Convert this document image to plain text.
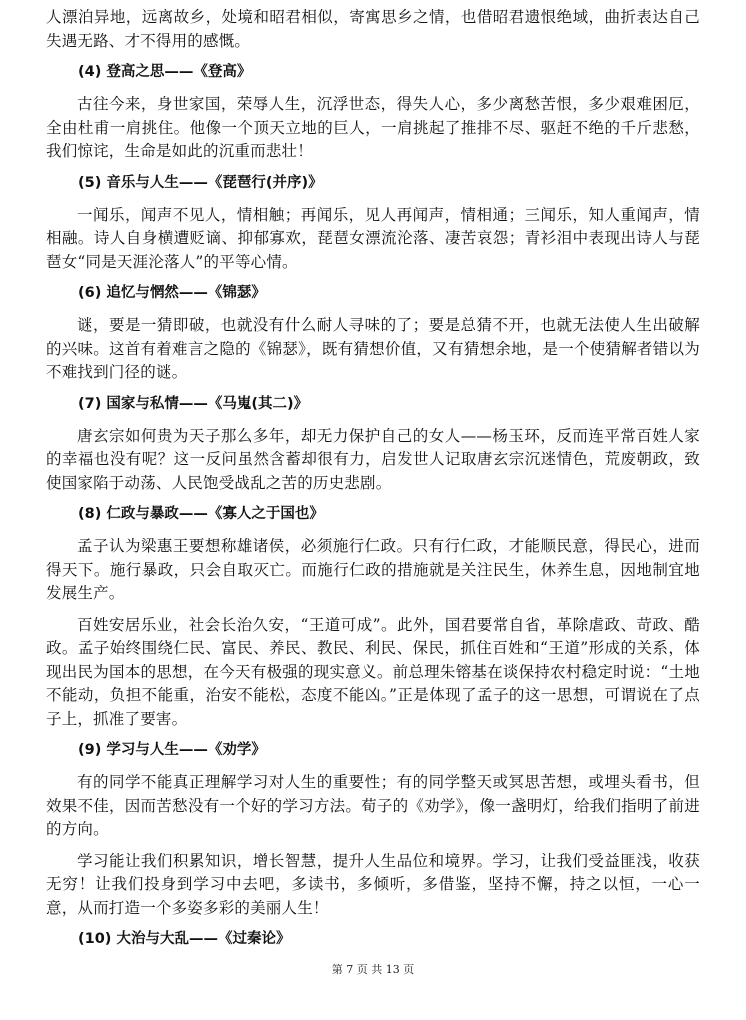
人漂泊异地，远离故乡，处境和昭君相似，寄寓思乡之情，也借昭君遗恨绝域，曲折表达自己失遇无路、才不得用的感慨。

(4) 登高之思——《登高》

古往今来，身世家国，荣辱人生，沉浮世态，得失人心，多少离愁苦恨，多少艰难困厄，全由杜甫一肩挑住。他像一个顶天立地的巨人，一肩挑起了推排不尽、驱赶不绝的千斤悲愁，我们惊诧，生命是如此的沉重而悲壮！

(5) 音乐与人生——《琵琶行(并序)》

一闻乐，闻声不见人，情相触；再闻乐，见人再闻声，情相通；三闻乐，知人重闻声，情相融。诗人自身横遭贬谪、抑郁寡欢，琵琶女漂流沦落、凄苦哀怨；青衫泪中表现出诗人与琵琶女“同是天涯沦落人”的平等心情。

(6) 追忆与惘然——《锦瑟》

谜，要是一猜即破，也就没有什么耐人寻味的了；要是总猜不开，也就无法使人生出破解的兴味。这首有着难言之隐的《锦瑟》，既有猜想价值，又有猜想余地，是一个使猜解者错以为不难找到门径的谜。

(7) 国家与私情——《马嵬(其二)》

唐玄宗如何贵为天子那么多年，却无力保护自己的女人——杨玉环，反而连平常百姓人家的幸福也没有呢？这一反问虽然含蓄却很有力，启发世人记取唐玄宗沉迷情色，荒废朝政，致使国家陷于动荡、人民饱受战乱之苦的历史悲剧。

(8) 仁政与暴政——《寡人之于国也》

孟子认为梁惠王要想称雄诸侯，必须施行仁政。只有行仁政，才能顺民意，得民心，进而得天下。施行暴政，只会自取灭亡。而施行仁政的措施就是关注民生，休养生息，因地制宜地发展生产。

百姓安居乐业，社会长治久安，“王道可成”。此外，国君要常自省，革除虐政、苛政、酷政。孟子始终围绕仁民、富民、养民、教民、利民、保民，抓住百姓和“王道”形成的关系，体现出民为国本的思想，在今天有极强的现实意义。前总理朱镕基在谈保持农村稳定时说：“土地不能动，负担不能重，治安不能松，态度不能凶。”正是体现了孟子的这一思想，可谓说在了点子上，抓准了要害。

(9) 学习与人生——《劝学》

有的同学不能真正理解学习对人生的重要性；有的同学整天或冥思苦想，或埋头看书，但效果不佳，因而苦愁没有一个好的学习方法。荀子的《劝学》，像一盏明灯，给我们指明了前进的方向。

学习能让我们积累知识，增长智慧，提升人生品位和境界。学习，让我们受益匪浅，收获无穷！让我们投身到学习中去吧，多读书，多倾听，多借鉴，坚持不懈，持之以恒，一心一意，从而打造一个多姿多彩的美丽人生！

(10) 大治与大乱——《过秦论》
第 7 页 共 13 页
